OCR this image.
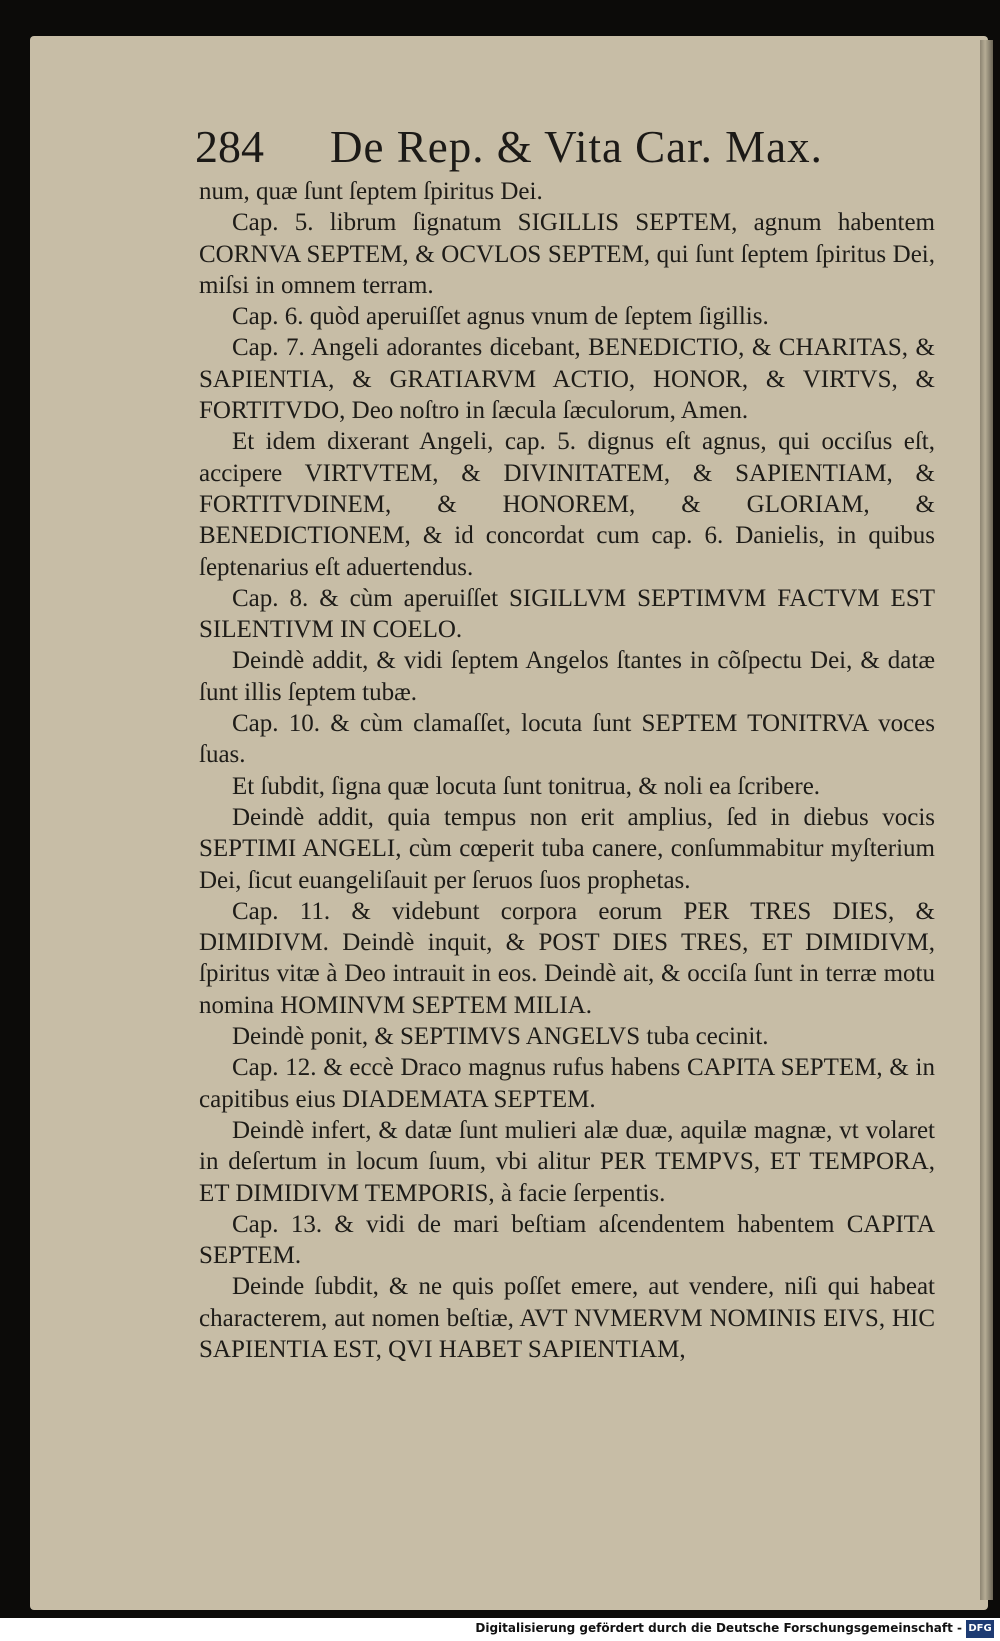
284 De Rep. & Vita Car. Max.

num, quæ ſunt ſeptem ſpiritus Dei.

Cap. 5. librum ſignatum SIGILLIS SEPTEM, agnum habentem CORNVA SEPTEM, & OCVLOS SEPTEM, qui ſunt ſeptem ſpiritus Dei, miſsi in omnem terram.

Cap. 6. quòd aperuiſſet agnus vnum de ſeptem ſigillis.

Cap. 7. Angeli adorantes dicebant, BENEDICTIO, & CHARITAS, & SAPIENTIA, & GRATIARVM ACTIO, HONOR, & VIRTVS, & FORTITVDO, Deo noſtro in ſæcula ſæculorum, Amen.

Et idem dixerant Angeli, cap. 5. dignus eſt agnus, qui occiſus eſt, accipere VIRTVTEM, & DIVINITATEM, & SAPIENTIAM, & FORTITVDINEM, & HONOREM, & GLORIAM, & BENEDICTIONEM, & id concordat cum cap. 6. Danielis, in quibus ſeptenarius eſt aduertendus.

Cap. 8. & cùm aperuiſſet SIGILLVM SEPTIMVM FACTVM EST SILENTIVM IN COELO.

Deindè addit, & vidi ſeptem Angelos ſtantes in cõſpectu Dei, & datæ ſunt illis ſeptem tubæ.

Cap. 10. & cùm clamaſſet, locuta ſunt SEPTEM TONITRVA voces ſuas.

Et ſubdit, ſigna quæ locuta ſunt tonitrua, & noli ea ſcribere.

Deindè addit, quia tempus non erit amplius, ſed in diebus vocis SEPTIMI ANGELI, cùm cœperit tuba canere, conſummabitur myſterium Dei, ſicut euangeliſauit per ſeruos ſuos prophetas.

Cap. 11. & videbunt corpora eorum PER TRES DIES, & DIMIDIVM. Deindè inquit, & POST DIES TRES, ET DIMIDIVM, ſpiritus vitæ à Deo intrauit in eos. Deindè ait, & occiſa ſunt in terræ motu nomina HOMINVM SEPTEM MILIA.

Deindè ponit, & SEPTIMVS ANGELVS tuba cecinit.

Cap. 12. & eccè Draco magnus rufus habens CAPITA SEPTEM, & in capitibus eius DIADEMATA SEPTEM.

Deindè infert, & datæ ſunt mulieri alæ duæ, aquilæ magnæ, vt volaret in deſertum in locum ſuum, vbi alitur PER TEMPVS, ET TEMPORA, ET DIMIDIVM TEMPORIS, à facie ſerpentis.

Cap. 13. & vidi de mari beſtiam aſcendentem habentem CAPITA SEPTEM.

Deinde ſubdit, & ne quis poſſet emere, aut vendere, niſi qui habeat characterem, aut nomen beſtiæ, AVT NVMERVM NOMINIS EIVS, HIC SAPIENTIA EST, QVI HABET SAPIENTIAM,

Digitalisierung gefördert durch die Deutsche Forschungsgemeinschaft - DFG
